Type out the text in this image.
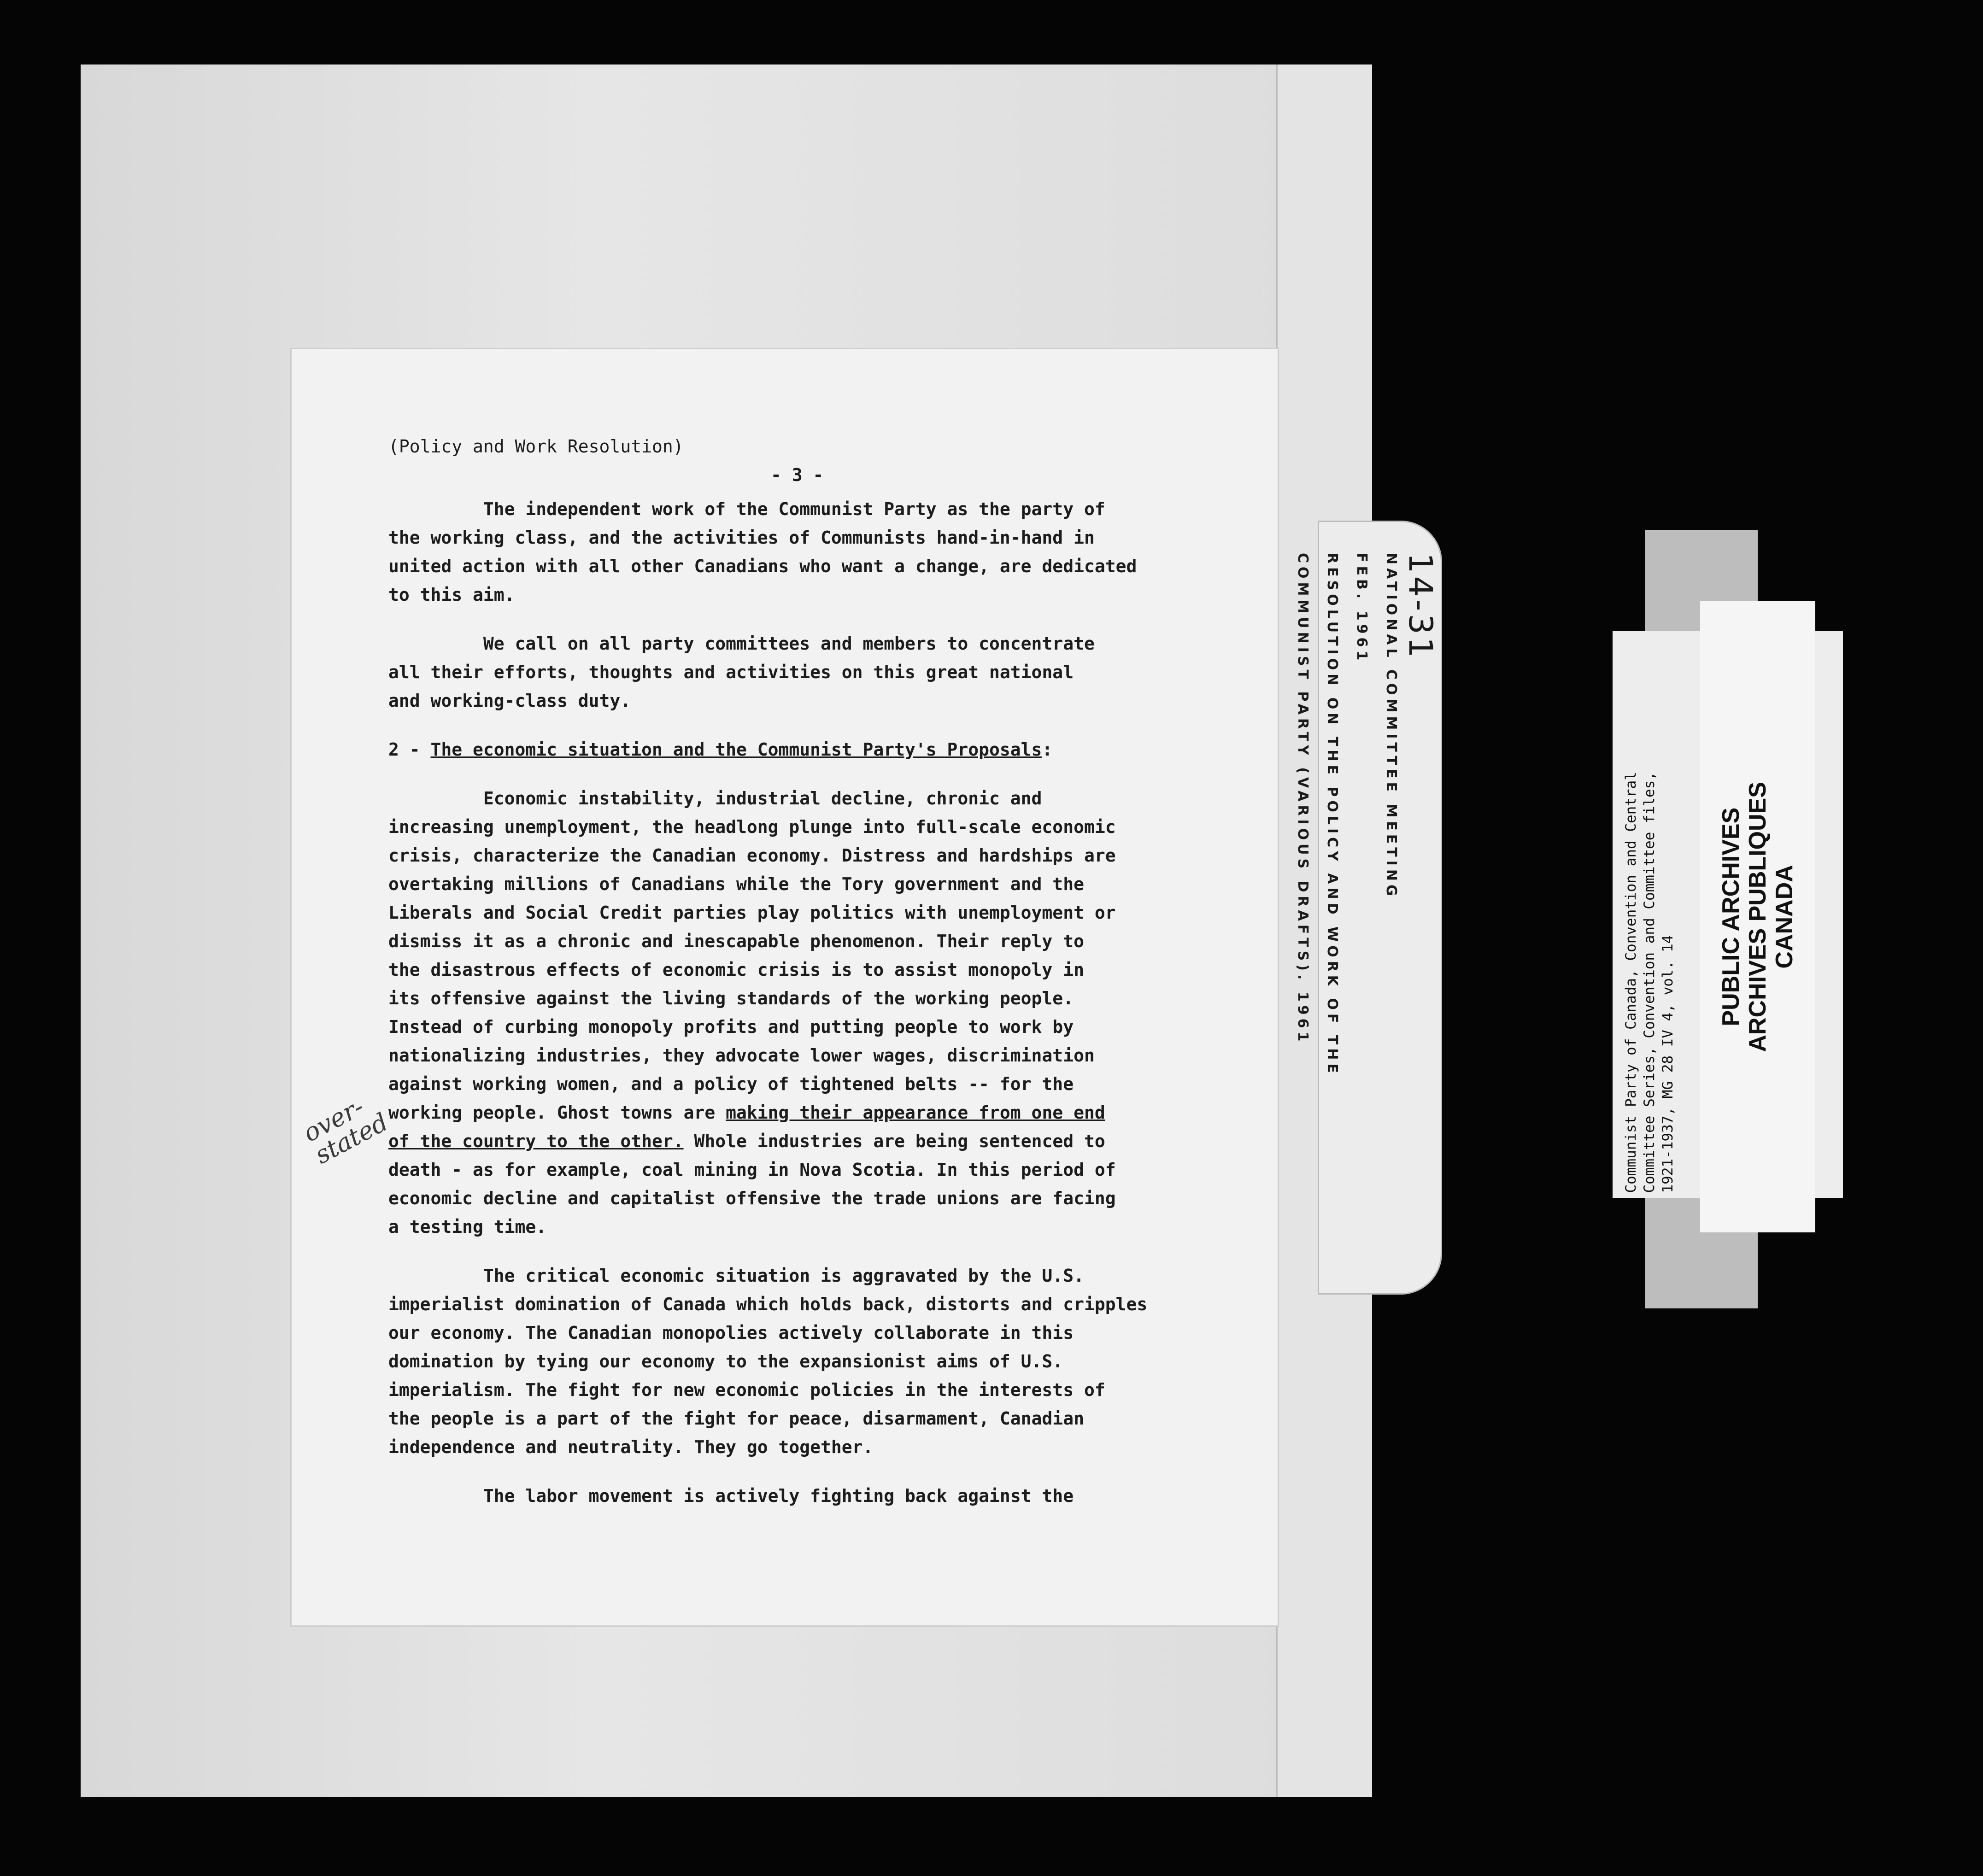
14-31
NATIONAL COMMITTEE MEETING
FEB. 1961
RESOLUTION ON THE POLICY AND WORK OF THE
COMMUNIST PARTY (VARIOUS DRAFTS). 1961

(Policy and Work Resolution)

- 3 -

The independent work of the Communist Party as the party of

the working class, and the activities of Communists hand-in-hand in

united action with all other Canadians who want a change, are dedicated

to this aim.

We call on all party committees and members to concentrate

all their efforts, thoughts and activities on this great national

and working-class duty.

2 - The economic situation and the Communist Party's Proposals:

Economic instability, industrial decline, chronic and

increasing unemployment, the headlong plunge into full-scale economic

crisis, characterize the Canadian economy. Distress and hardships are

overtaking millions of Canadians while the Tory government and the

Liberals and Social Credit parties play politics with unemployment or

dismiss it as a chronic and inescapable phenomenon. Their reply to

the disastrous effects of economic crisis is to assist monopoly in

its offensive against the living standards of the working people.

Instead of curbing monopoly profits and putting people to work by

nationalizing industries, they advocate lower wages, discrimination

against working women, and a policy of tightened belts -- for the

working people. Ghost towns are making their appearance from one end

of the country to the other. Whole industries are being sentenced to

death - as for example, coal mining in Nova Scotia. In this period of

economic decline and capitalist offensive the trade unions are facing

a testing time.

The critical economic situation is aggravated by the U.S.

imperialist domination of Canada which holds back, distorts and cripples

our economy. The Canadian monopolies actively collaborate in this

domination by tying our economy to the expansionist aims of U.S.

imperialism. The fight for new economic policies in the interests of

the people is a part of the fight for peace, disarmament, Canadian

independence and neutrality. They go together.

The labor movement is actively fighting back against the

over-
stated
PUBLIC ARCHIVES
ARCHIVES PUBLIQUES
CANADA
Communist Party of Canada, Convention and Central
Committee Series, Convention and Committee files,
1921-1937, MG 28 IV 4, vol. 14
